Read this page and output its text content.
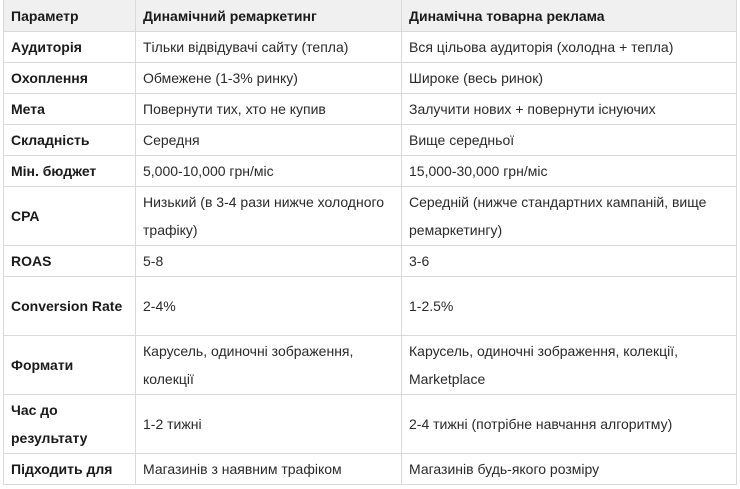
Параметр	Динамічний ремаркетинг	Динамічна товарна реклама
Аудиторія	Тільки відвідувачі сайту (тепла)	Вся цільова аудиторія (холодна + тепла)
Охоплення	Обмежене (1-3% ринку)	Широке (весь ринок)
Мета	Повернути тих, хто не купив	Залучити нових + повернути існуючих
Складність	Середня	Вище середньої
Мін. бюджет	5,000-10,000 грн/міс	15,000-30,000 грн/міс
CPA	Низький (в 3-4 рази нижче холодного трафіку)	Середній (нижче стандартних кампаній, вище ремаркетингу)
ROAS	5-8	3-6
Conversion Rate	2-4%	1-2.5%
Формати	Карусель, одиночні зображення, колекції	Карусель, одиночні зображення, колекції, Marketplace
Час до результату	1-2 тижні	2-4 тижні (потрібне навчання алгоритму)
Підходить для	Магазинів з наявним трафіком	Магазинів будь-якого розміру
